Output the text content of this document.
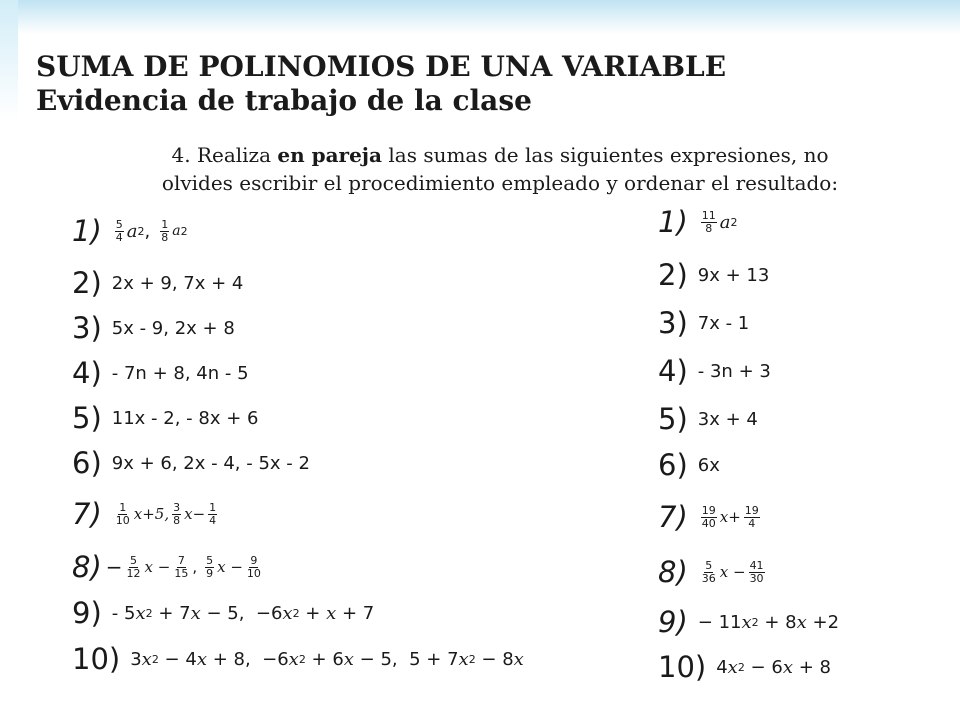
SUMA DE POLINOMIOS DE UNA VARIABLE
Evidencia de trabajo de la clase
4. Realiza en pareja las sumas de las siguientes expresiones, no
olvides escribir el procedimiento empleado y ordenar el resultado:
$1) \frac{5}{4}$ a 2 , $\frac{1}{8}$ a 2
2) 2x + 9, 7x + 4
3) 5x - 9, 2x + 8
4) - 7n + 8, 4n - 5
5) 11x - 2, - 8x + 6
6) 9x + 6, 2x - 4, - 5x - 2
$7) \frac{1}{10} x+5$, $\frac{3}{8} x- \frac{1}{4}$
$8) - \frac{5}{12}$ $x - \frac{7}{15}$ , $\frac{5}{9}$ $x - \frac{9}{10}$
9) - 5 x 2 + 7 x − 5,  −6 x 2 + x + 7
10) 3 x 2 − 4 x + 8,  −6 x 2 + 6 x − 5,  5 + 7 x 2 − 8 x
$1) \frac{11}{8}$ a 2
2) 9x + 13
3) 7x - 1
4) - 3n + 3
5) 3x + 4
6) 6x
$7) \frac{19}{40} x+ \frac{19}{4}$
$8) \frac{5}{36}$ $x - \frac{41}{30}$
9) − 11 x 2 + 8 x +2
10) 4 x 2 − 6 x + 8
